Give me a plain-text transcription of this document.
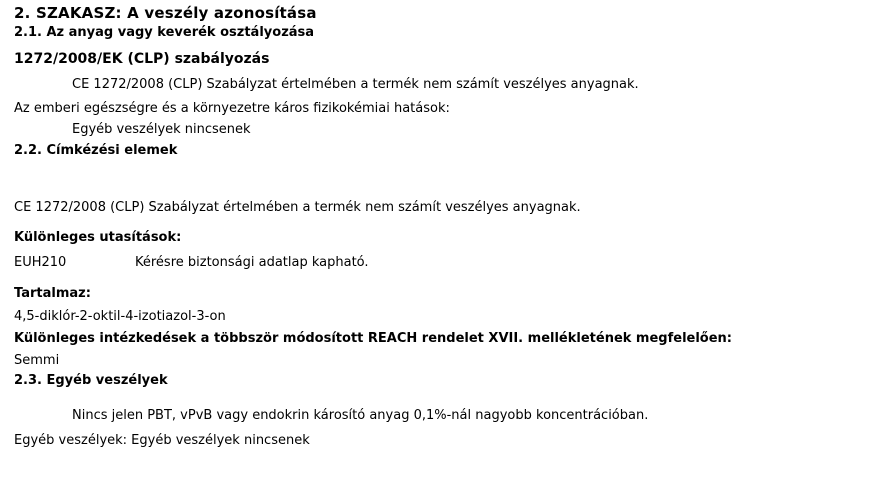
2. SZAKASZ: A veszély azonosítása
2.1. Az anyag vagy keverék osztályozása
1272/2008/EK (CLP) szabályozás
CE 1272/2008 (CLP) Szabályzat értelmében a termék nem számít veszélyes anyagnak.
Az emberi egészségre és a környezetre káros fizikokémiai hatások:
Egyéb veszélyek nincsenek
2.2. Címkézési elemek
CE 1272/2008 (CLP) Szabályzat értelmében a termék nem számít veszélyes anyagnak.
Különleges utasítások:
EUH210	Kérésre biztonsági adatlap kapható.
Tartalmaz:
4,5-diklór-2-oktil-4-izotiazol-3-on
Különleges intézkedések a többször módosított REACH rendelet XVII. mellékletének megfelelően:
Semmi
2.3. Egyéb veszélyek
Nincs jelen PBT, vPvB vagy endokrin károsító anyag 0,1%-nál nagyobb koncentrációban.
Egyéb veszélyek: Egyéb veszélyek nincsenek
